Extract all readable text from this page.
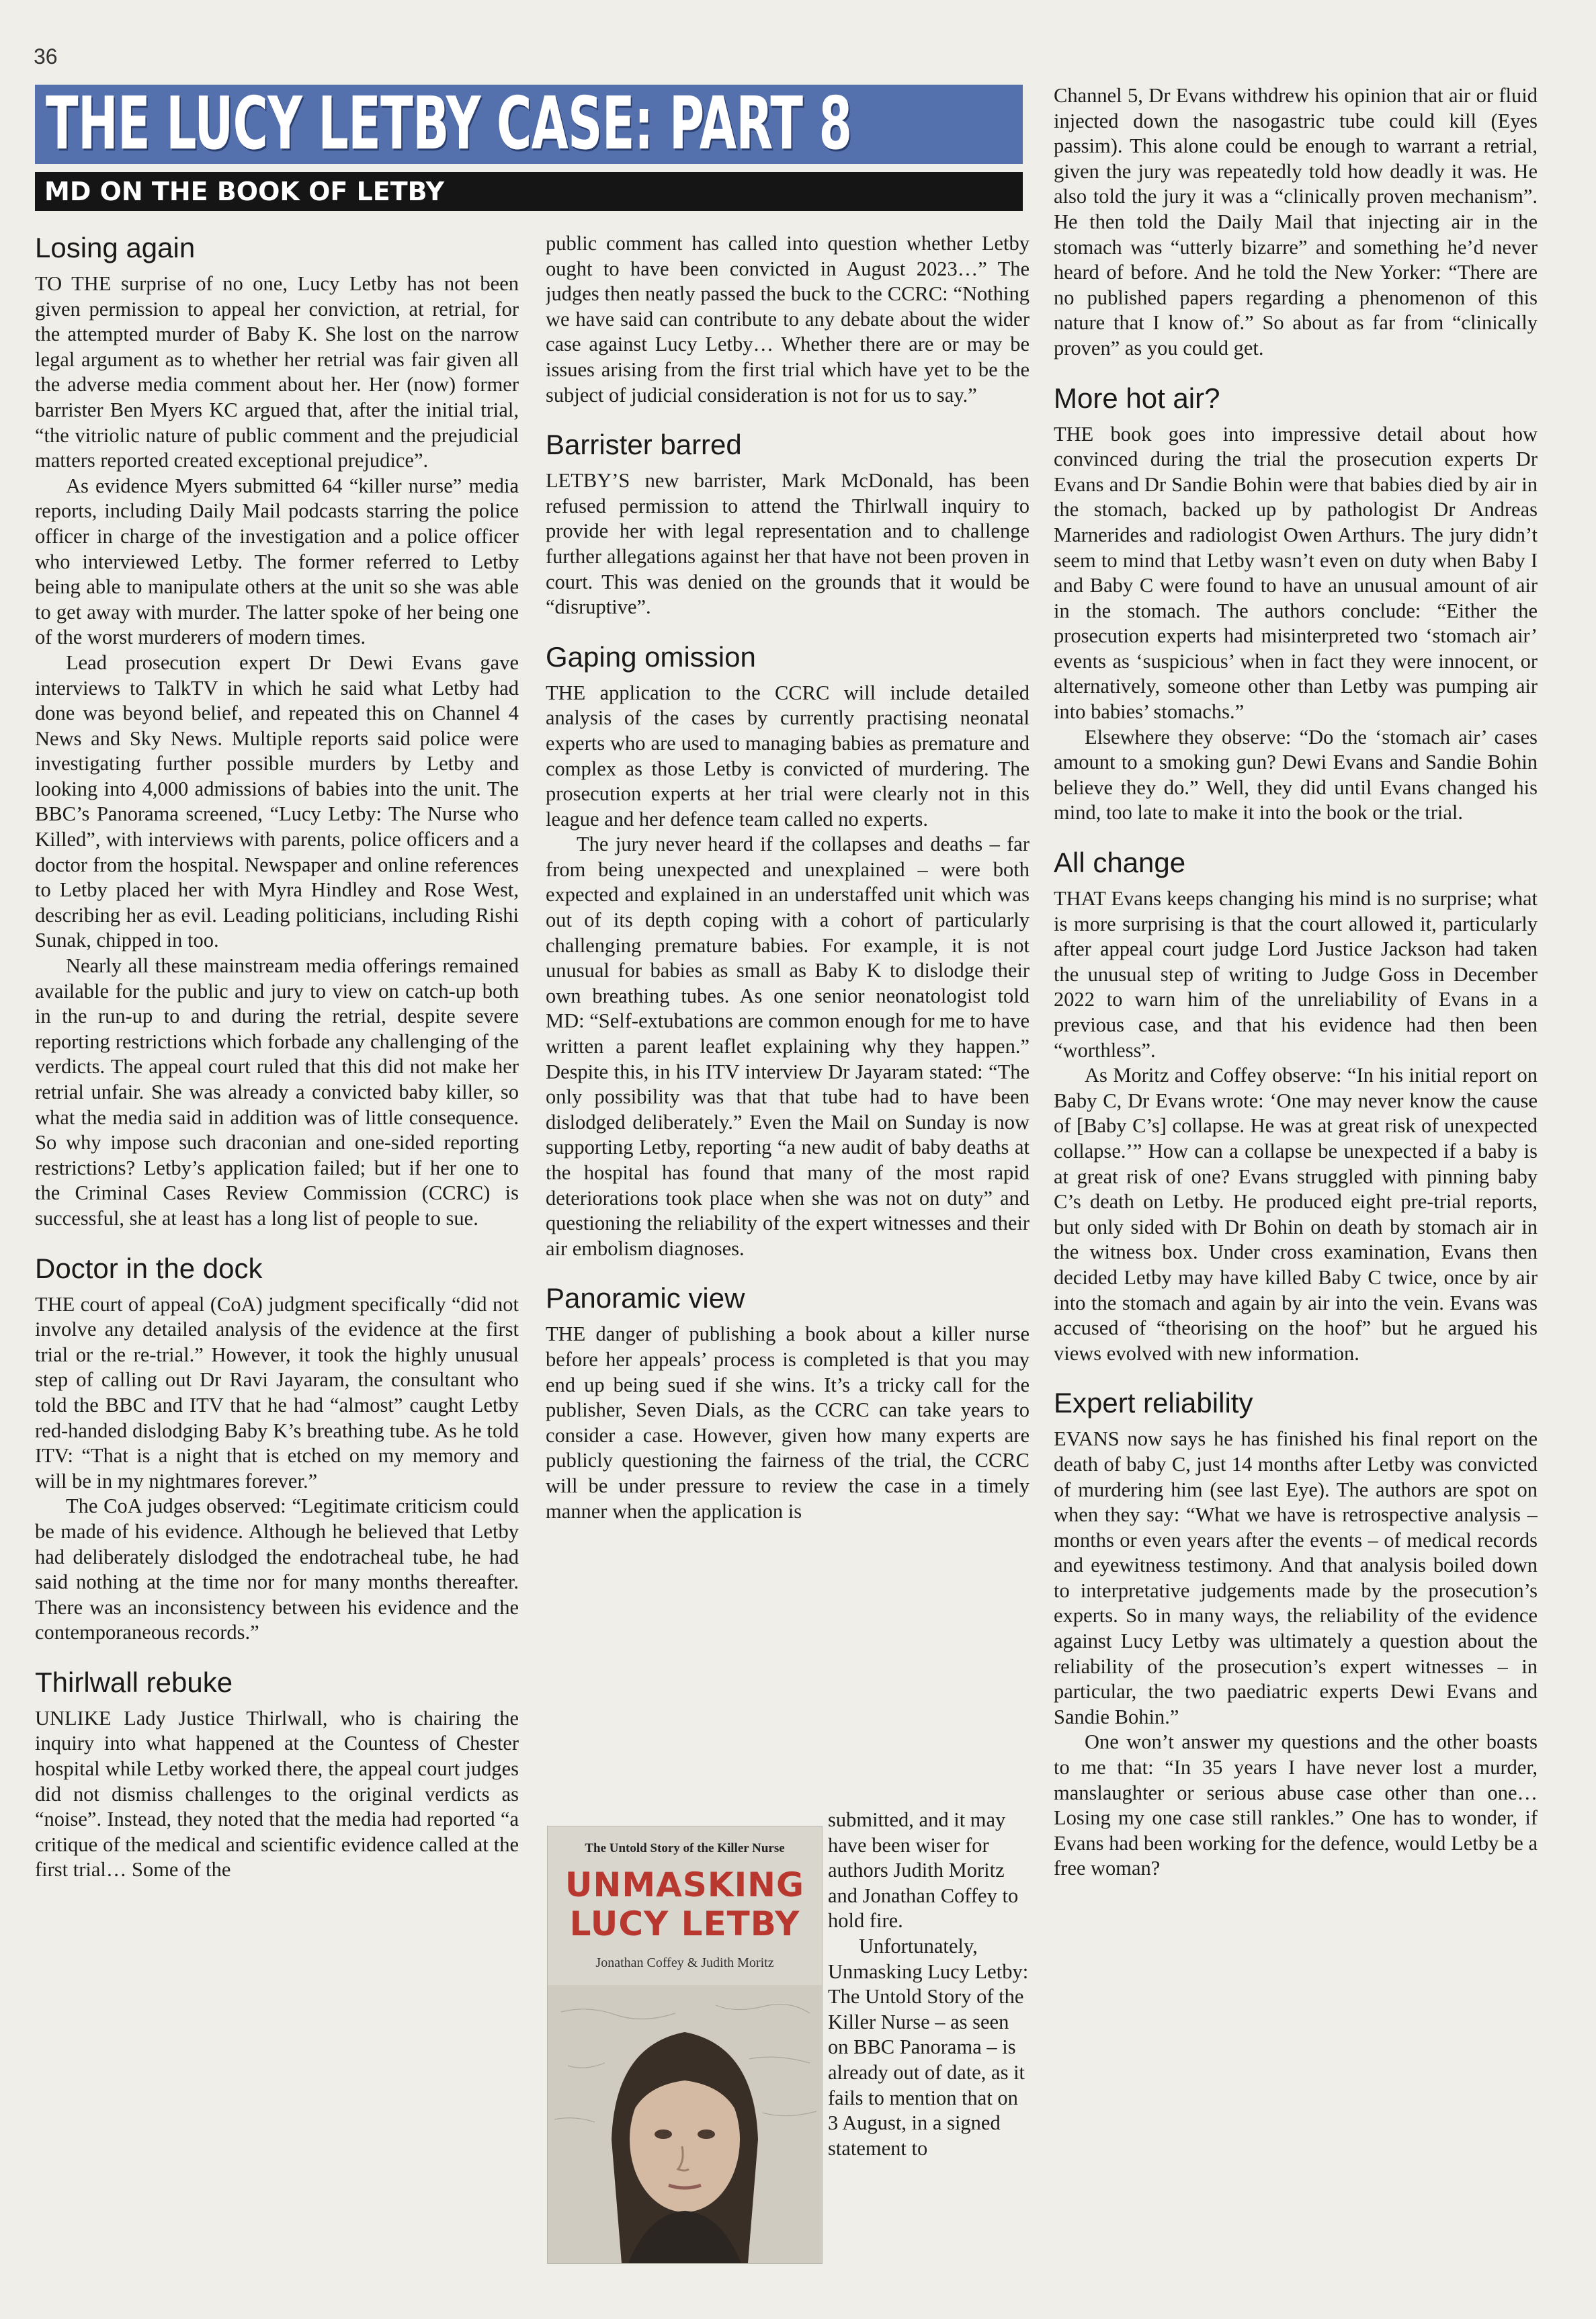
36
THE LUCY LETBY CASE: PART 8
MD ON THE BOOK OF LETBY
Losing again

TO THE surprise of no one, Lucy Letby has not been given permission to appeal her conviction, at retrial, for the attempted murder of Baby K. She lost on the narrow legal argument as to whether her retrial was fair given all the adverse media comment about her. Her (now) former barrister Ben Myers KC argued that, after the initial trial, “the vitriolic nature of public comment and the prejudicial matters reported created exceptional prejudice”.

As evidence Myers submitted 64 “killer nurse” media reports, including Daily Mail podcasts starring the police officer in charge of the investigation and a police officer who interviewed Letby. The former referred to Letby being able to manipulate others at the unit so she was able to get away with murder. The latter spoke of her being one of the worst murderers of modern times.

Lead prosecution expert Dr Dewi Evans gave interviews to TalkTV in which he said what Letby had done was beyond belief, and repeated this on Channel 4 News and Sky News. Multiple reports said police were investigating further possible murders by Letby and looking into 4,000 admissions of babies into the unit. The BBC’s Panorama screened, “Lucy Letby: The Nurse who Killed”, with interviews with parents, police officers and a doctor from the hospital. Newspaper and online references to Letby placed her with Myra Hindley and Rose West, describing her as evil. Leading politicians, including Rishi Sunak, chipped in too.

Nearly all these mainstream media offerings remained available for the public and jury to view on catch-up both in the run-up to and during the retrial, despite severe reporting restrictions which forbade any challenging of the verdicts. The appeal court ruled that this did not make her retrial unfair. She was already a convicted baby killer, so what the media said in addition was of little consequence. So why impose such draconian and one-sided reporting restrictions? Letby’s application failed; but if her one to the Criminal Cases Review Commission (CCRC) is successful, she at least has a long list of people to sue.

Doctor in the dock

THE court of appeal (CoA) judgment specifically “did not involve any detailed analysis of the evidence at the first trial or the re-trial.” However, it took the highly unusual step of calling out Dr Ravi Jayaram, the consultant who told the BBC and ITV that he had “almost” caught Letby red-handed dislodging Baby K’s breathing tube. As he told ITV: “That is a night that is etched on my memory and will be in my nightmares forever.”

The CoA judges observed: “Legitimate criticism could be made of his evidence. Although he believed that Letby had deliberately dislodged the endotracheal tube, he had said nothing at the time nor for many months thereafter. There was an inconsistency between his evidence and the contemporaneous records.”

Thirlwall rebuke

UNLIKE Lady Justice Thirlwall, who is chairing the inquiry into what happened at the Countess of Chester hospital while Letby worked there, the appeal court judges did not dismiss challenges to the original verdicts as “noise”. Instead, they noted that the media had reported “a critique of the medical and scientific evidence called at the first trial… Some of the

public comment has called into question whether Letby ought to have been convicted in August 2023…” The judges then neatly passed the buck to the CCRC: “Nothing we have said can contribute to any debate about the wider case against Lucy Letby… Whether there are or may be issues arising from the first trial which have yet to be the subject of judicial consideration is not for us to say.”

Barrister barred

LETBY’S new barrister, Mark McDonald, has been refused permission to attend the Thirlwall inquiry to provide her with legal representation and to challenge further allegations against her that have not been proven in court. This was denied on the grounds that it would be “disruptive”.

Gaping omission

THE application to the CCRC will include detailed analysis of the cases by currently practising neonatal experts who are used to managing babies as premature and complex as those Letby is convicted of murdering. The prosecution experts at her trial were clearly not in this league and her defence team called no experts.

The jury never heard if the collapses and deaths – far from being unexpected and unexplained – were both expected and explained in an understaffed unit which was out of its depth coping with a cohort of particularly challenging premature babies. For example, it is not unusual for babies as small as Baby K to dislodge their own breathing tubes. As one senior neonatologist told MD: “Self-extubations are common enough for me to have written a parent leaflet explaining why they happen.” Despite this, in his ITV interview Dr Jayaram stated: “The only possibility was that that tube had to have been dislodged deliberately.” Even the Mail on Sunday is now supporting Letby, reporting “a new audit of baby deaths at the hospital has found that many of the most rapid deteriorations took place when she was not on duty” and questioning the reliability of the expert witnesses and their air embolism diagnoses.

Panoramic view

THE danger of publishing a book about a killer nurse before her appeals’ process is completed is that you may end up being sued if she wins. It’s a tricky call for the publisher, Seven Dials, as the CCRC can take years to consider a case. However, given how many experts are publicly questioning the fairness of the trial, the CCRC will be under pressure to review the case in a timely manner when the application is

The Untold Story of the Killer Nurse
UNMASKING
LUCY LETBY
Jonathan Coffey & Judith Moritz

submitted, and it may have been wiser for authors Judith Moritz and Jonathan Coffey to hold fire.

Unfortunately, Unmasking Lucy Letby: The Untold Story of the Killer Nurse – as seen on BBC Panorama – is already out of date, as it fails to mention that on 3 August, in a signed statement to

Channel 5, Dr Evans withdrew his opinion that air or fluid injected down the nasogastric tube could kill (Eyes passim). This alone could be enough to warrant a retrial, given the jury was repeatedly told how deadly it was. He also told the jury it was a “clinically proven mechanism”. He then told the Daily Mail that injecting air in the stomach was “utterly bizarre” and something he’d never heard of before. And he told the New Yorker: “There are no published papers regarding a phenomenon of this nature that I know of.” So about as far from “clinically proven” as you could get.

More hot air?

THE book goes into impressive detail about how convinced during the trial the prosecution experts Dr Evans and Dr Sandie Bohin were that babies died by air in the stomach, backed up by pathologist Dr Andreas Marnerides and radiologist Owen Arthurs. The jury didn’t seem to mind that Letby wasn’t even on duty when Baby I and Baby C were found to have an unusual amount of air in the stomach. The authors conclude: “Either the prosecution experts had misinterpreted two ‘stomach air’ events as ‘suspicious’ when in fact they were innocent, or alternatively, someone other than Letby was pumping air into babies’ stomachs.”

Elsewhere they observe: “Do the ‘stomach air’ cases amount to a smoking gun? Dewi Evans and Sandie Bohin believe they do.” Well, they did until Evans changed his mind, too late to make it into the book or the trial.

All change

THAT Evans keeps changing his mind is no surprise; what is more surprising is that the court allowed it, particularly after appeal court judge Lord Justice Jackson had taken the unusual step of writing to Judge Goss in December 2022 to warn him of the unreliability of Evans in a previous case, and that his evidence had then been “worthless”.

As Moritz and Coffey observe: “In his initial report on Baby C, Dr Evans wrote: ‘One may never know the cause of [Baby C’s] collapse. He was at great risk of unexpected collapse.’” How can a collapse be unexpected if a baby is at great risk of one? Evans struggled with pinning baby C’s death on Letby. He produced eight pre-trial reports, but only sided with Dr Bohin on death by stomach air in the witness box. Under cross examination, Evans then decided Letby may have killed Baby C twice, once by air into the stomach and again by air into the vein. Evans was accused of “theorising on the hoof” but he argued his views evolved with new information.

Expert reliability

EVANS now says he has finished his final report on the death of baby C, just 14 months after Letby was convicted of murdering him (see last Eye). The authors are spot on when they say: “What we have is retrospective analysis – months or even years after the events – of medical records and eyewitness testimony. And that analysis boiled down to interpretative judgements made by the prosecution’s experts. So in many ways, the reliability of the evidence against Lucy Letby was ultimately a question about the reliability of the prosecution’s expert witnesses – in particular, the two paediatric experts Dewi Evans and Sandie Bohin.”

One won’t answer my questions and the other boasts to me that: “In 35 years I have never lost a murder, manslaughter or serious abuse case other than one… Losing my one case still rankles.” One has to wonder, if Evans had been working for the defence, would Letby be a free woman?
